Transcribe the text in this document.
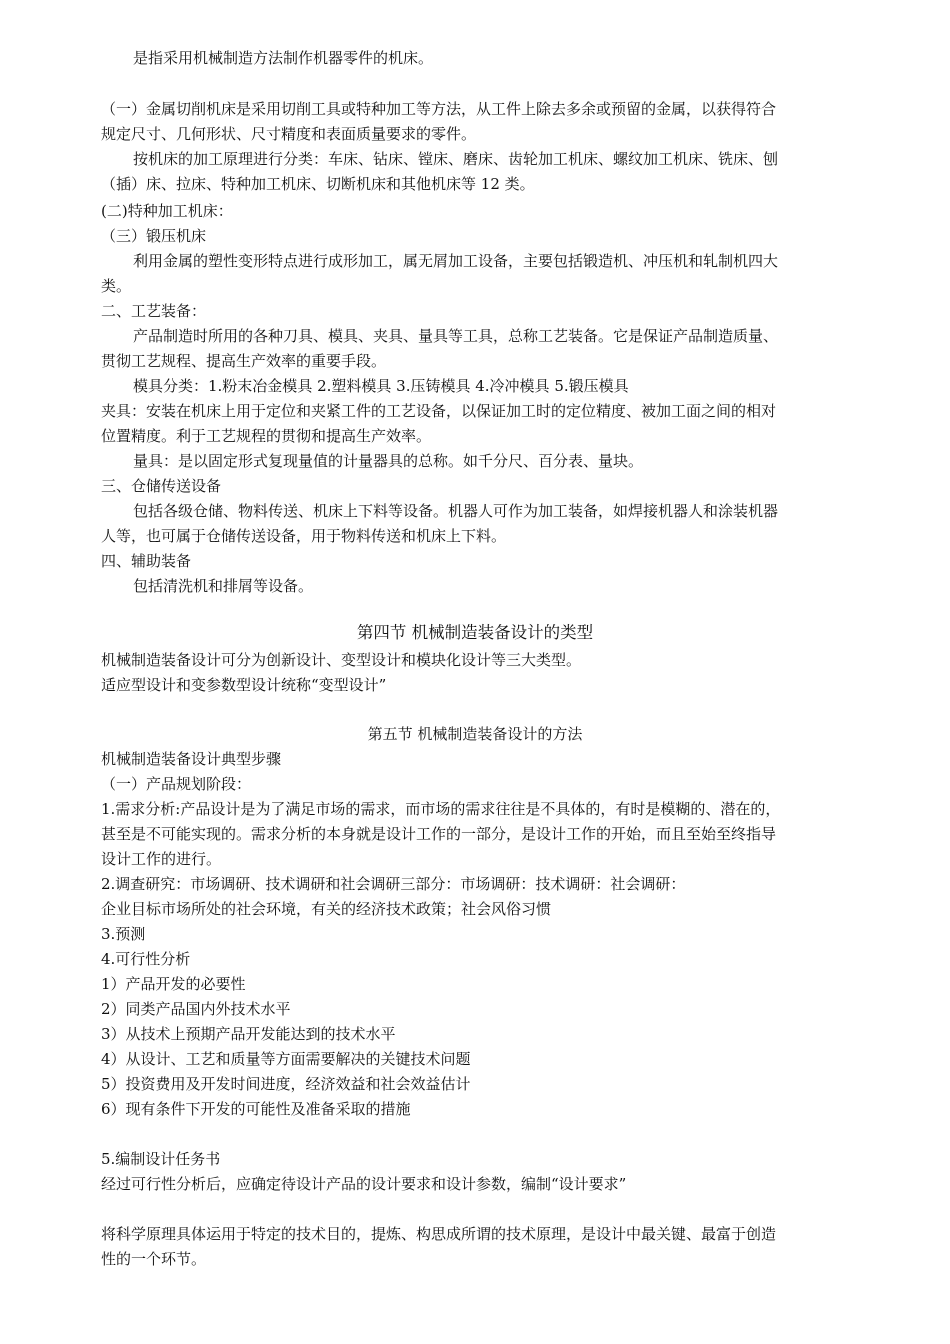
是指采用机械制造方法制作机器零件的机床。
（一）金属切削机床是采用切削工具或特种加工等方法，从工件上除去多余或预留的金属，以获得符合
规定尺寸、几何形状、尺寸精度和表面质量要求的零件。
按机床的加工原理进行分类：车床、钻床、镗床、磨床、齿轮加工机床、螺纹加工机床、铣床、刨
（插）床、拉床、特种加工机床、切断机床和其他机床等 12 类。
(二)特种加工机床：
（三）锻压机床
利用金属的塑性变形特点进行成形加工，属无屑加工设备，主要包括锻造机、冲压机和轧制机四大
类。
二、工艺装备：
产品制造时所用的各种刀具、模具、夹具、量具等工具，总称工艺装备。它是保证产品制造质量、
贯彻工艺规程、提高生产效率的重要手段。
模具分类：1.粉末冶金模具 2.塑料模具 3.压铸模具 4.冷冲模具 5.锻压模具
夹具：安装在机床上用于定位和夹紧工件的工艺设备，以保证加工时的定位精度、被加工面之间的相对
位置精度。利于工艺规程的贯彻和提高生产效率。
量具：是以固定形式复现量值的计量器具的总称。如千分尺、百分表、量块。
三、仓储传送设备
包括各级仓储、物料传送、机床上下料等设备。机器人可作为加工装备，如焊接机器人和涂装机器
人等，也可属于仓储传送设备，用于物料传送和机床上下料。
四、辅助装备
包括清洗机和排屑等设备。
第四节 机械制造装备设计的类型
机械制造装备设计可分为创新设计、变型设计和模块化设计等三大类型。
适应型设计和变参数型设计统称“变型设计”
第五节 机械制造装备设计的方法
机械制造装备设计典型步骤
（一）产品规划阶段：
1.需求分析:产品设计是为了满足市场的需求，而市场的需求往往是不具体的，有时是模糊的、潜在的，
甚至是不可能实现的。需求分析的本身就是设计工作的一部分，是设计工作的开始，而且至始至终指导
设计工作的进行。
2.调查研究：市场调研、技术调研和社会调研三部分：市场调研：技术调研：社会调研：
企业目标市场所处的社会环境，有关的经济技术政策；社会风俗习惯
3.预测
4.可行性分析
1）产品开发的必要性
2）同类产品国内外技术水平
3）从技术上预期产品开发能达到的技术水平
4）从设计、工艺和质量等方面需要解决的关键技术问题
5）投资费用及开发时间进度，经济效益和社会效益估计
6）现有条件下开发的可能性及准备采取的措施
5.编制设计任务书
经过可行性分析后，应确定待设计产品的设计要求和设计参数，编制“设计要求”
将科学原理具体运用于特定的技术目的，提炼、构思成所谓的技术原理，是设计中最关键、最富于创造
性的一个环节。
